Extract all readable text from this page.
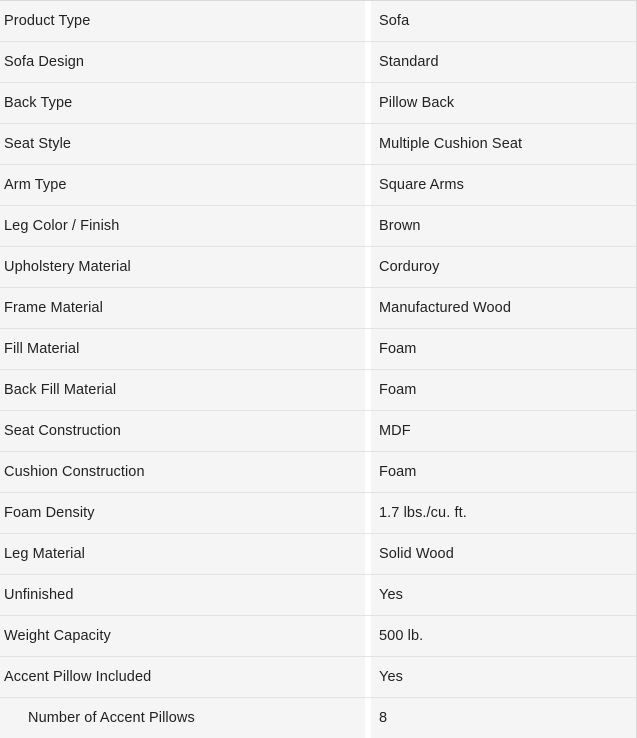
Product Type	Sofa
Sofa Design	Standard
Back Type	Pillow Back
Seat Style	Multiple Cushion Seat
Arm Type	Square Arms
Leg Color / Finish	Brown
Upholstery Material	Corduroy
Frame Material	Manufactured Wood
Fill Material	Foam
Back Fill Material	Foam
Seat Construction	MDF
Cushion Construction	Foam
Foam Density	1.7 lbs./cu. ft.
Leg Material	Solid Wood
Unfinished	Yes
Weight Capacity	500 lb.
Accent Pillow Included	Yes
Number of Accent Pillows	8
